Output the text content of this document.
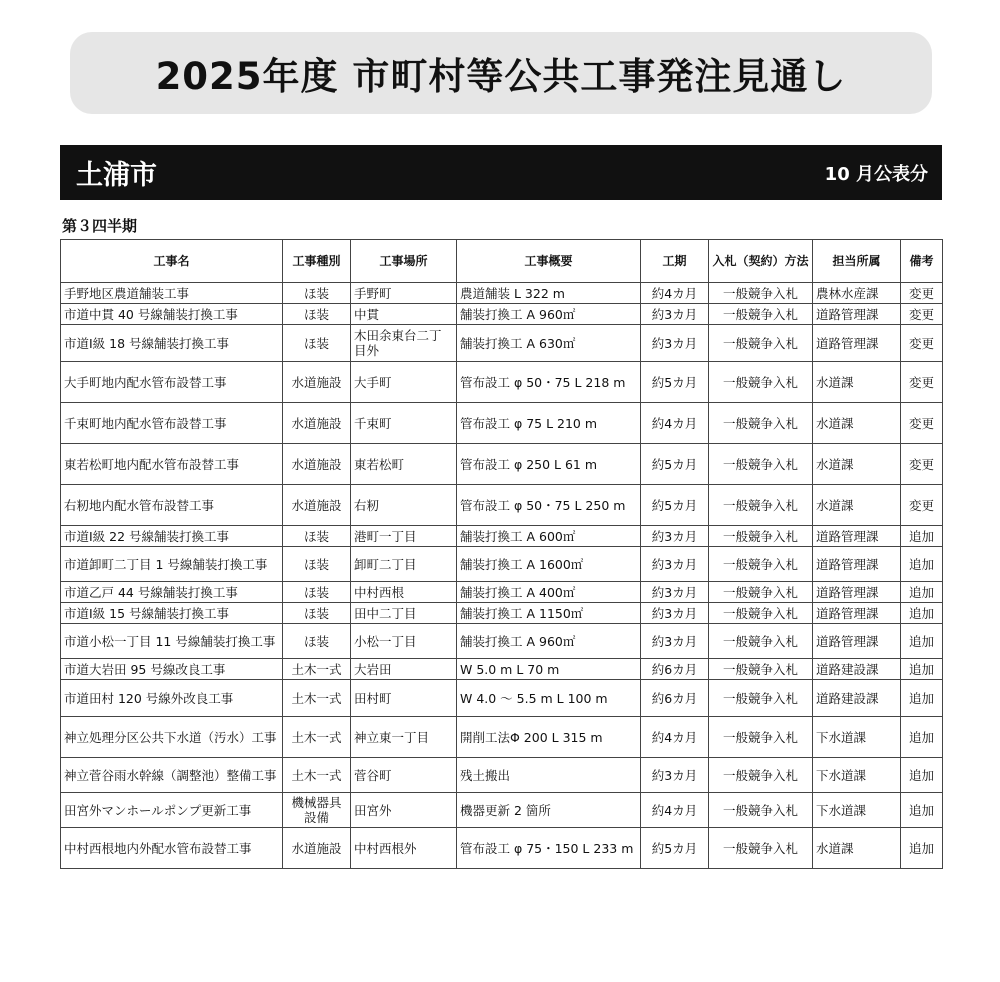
2025年度 市町村等公共工事発注見通し
土浦市	10 月公表分
第３四半期
工事名	工事種別	工事場所	工事概要	工期	入札（契約）方法	担当所属	備考
手野地区農道舗装工事	ほ装	手野町	農道舗装 L 322 m	約4カ月	一般競争入札	農林水産課	変更
市道中貫 40 号線舗装打換工事	ほ装	中貫	舗装打換工 A 960㎡	約3カ月	一般競争入札	道路管理課	変更
市道Ⅰ級 18 号線舗装打換工事	ほ装	木田余東台二丁目外	舗装打換工 A 630㎡	約3カ月	一般競争入札	道路管理課	変更
大手町地内配水管布設替工事	水道施設	大手町	管布設工 φ 50・75 L 218 m	約5カ月	一般競争入札	水道課	変更
千束町地内配水管布設替工事	水道施設	千束町	管布設工 φ 75 L 210 m	約4カ月	一般競争入札	水道課	変更
東若松町地内配水管布設替工事	水道施設	東若松町	管布設工 φ 250 L 61 m	約5カ月	一般競争入札	水道課	変更
右籾地内配水管布設替工事	水道施設	右籾	管布設工 φ 50・75 L 250 m	約5カ月	一般競争入札	水道課	変更
市道Ⅰ級 22 号線舗装打換工事	ほ装	港町一丁目	舗装打換工 A 600㎡	約3カ月	一般競争入札	道路管理課	追加
市道卸町二丁目 1 号線舗装打換工事	ほ装	卸町二丁目	舗装打換工 A 1600㎡	約3カ月	一般競争入札	道路管理課	追加
市道乙戸 44 号線舗装打換工事	ほ装	中村西根	舗装打換工 A 400㎡	約3カ月	一般競争入札	道路管理課	追加
市道Ⅰ級 15 号線舗装打換工事	ほ装	田中二丁目	舗装打換工 A 1150㎡	約3カ月	一般競争入札	道路管理課	追加
市道小松一丁目 11 号線舗装打換工事	ほ装	小松一丁目	舗装打換工 A 960㎡	約3カ月	一般競争入札	道路管理課	追加
市道大岩田 95 号線改良工事	土木一式	大岩田	W 5.0 m L 70 m	約6カ月	一般競争入札	道路建設課	追加
市道田村 120 号線外改良工事	土木一式	田村町	W 4.0 ～ 5.5 m L 100 m	約6カ月	一般競争入札	道路建設課	追加
神立処理分区公共下水道（汚水）工事	土木一式	神立東一丁目	開削工法Φ 200 L 315 m	約4カ月	一般競争入札	下水道課	追加
神立菅谷雨水幹線（調整池）整備工事	土木一式	菅谷町	残土搬出	約3カ月	一般競争入札	下水道課	追加
田宮外マンホールポンプ更新工事	機械器具設備	田宮外	機器更新 2 箇所	約4カ月	一般競争入札	下水道課	追加
中村西根地内外配水管布設替工事	水道施設	中村西根外	管布設工 φ 75・150 L 233 m	約5カ月	一般競争入札	水道課	追加
